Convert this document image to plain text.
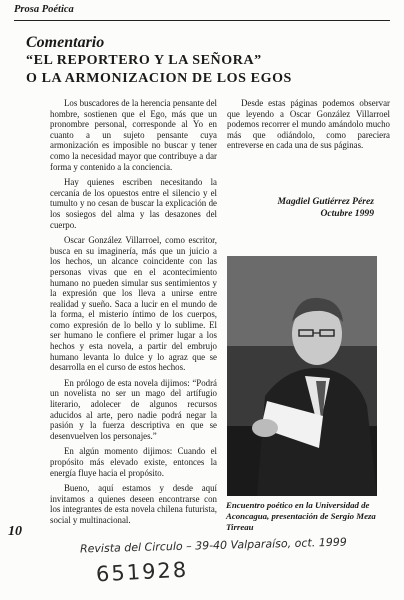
Prosa Poética
Comentario
“EL REPORTERO Y LA SEÑORA”
O LA ARMONIZACION DE LOS EGOS

Los buscadores de la herencia pensante del hombre, sostienen que el Ego, más que un pronombre personal, corresponde al Yo en cuanto a un sujeto pensante cuya armonización es imposible no buscar y tener como la necesidad mayor que contribuye a dar forma y contenido a la conciencia.

Hay quienes escriben necesitando la cercanía de los opuestos entre el silencio y el tumulto y no cesan de buscar la explicación de los sosiegos del alma y las desazones del cuerpo.

Oscar González Villarroel, como escritor, busca en su imaginería, más que un juicio a los hechos, un alcance coincidente con las personas vivas que en el acontecimiento humano no pueden simular sus sentimientos y la expresión que los lleva a unirse entre realidad y sueño. Saca a lucir en el mundo de la forma, el misterio íntimo de los cuerpos, como expresión de lo bello y lo sublime. El ser humano le confiere el primer lugar a los hechos y esta novela, a partir del embrujo humano levanta lo dulce y lo agraz que se desarrolla en el curso de estos hechos.

En prólogo de esta novela dijimos: “Podrá un novelista no ser un mago del artífugio literario, adolecer de algunos recursos aducidos al arte, pero nadie podrá negar la pasión y la fuerza descriptiva en que se desenvuelven los personajes.”

En algún momento dijimos: Cuando el propósito más elevado existe, entonces la energía fluye hacia el propósito.

Bueno, aquí estamos y desde aquí invitamos a quienes deseen encontrarse con los integrantes de esta novela chilena futurista, social y multinacional.

Desde estas páginas podemos observar que leyendo a Oscar González Villarroel podemos recorrer el mundo amándolo mucho más que odiándolo, como pareciera entreverse en cada una de sus páginas.

Magdiel Gutiérrez Pérez
Octubre 1999
Encuentro poético en la Universidad de Aconcagua, presentación de Sergio Meza Tirreau
10
Revista del Circulo – 39-40 Valparaíso, oct. 1999
651928
